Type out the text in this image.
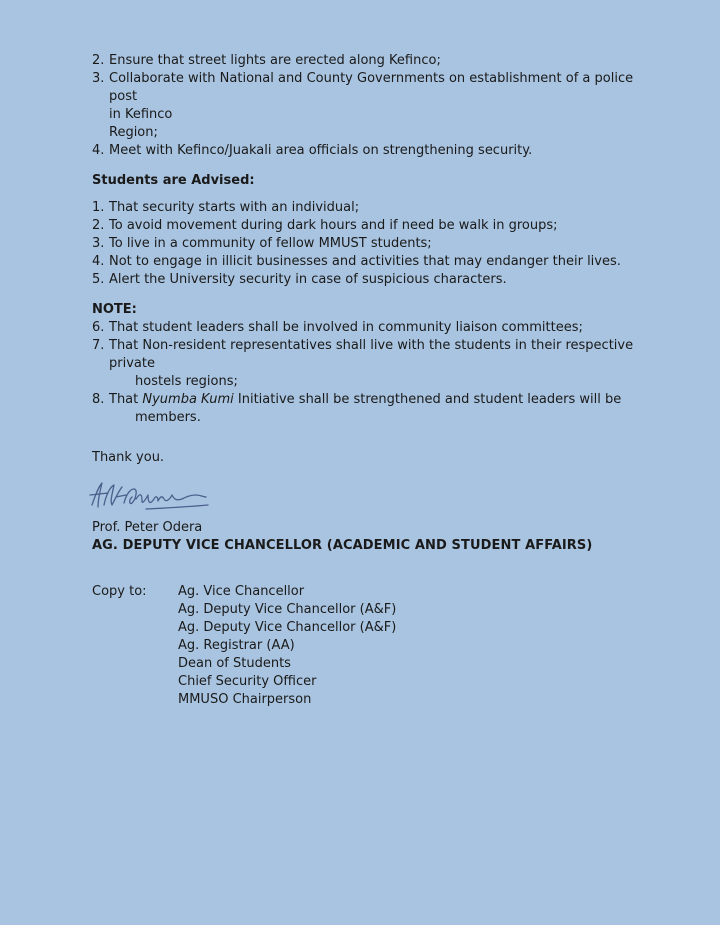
2. Ensure that street lights are erected along Kefinco;
3. Collaborate with National and County Governments on establishment of a police post
in Kefinco
Region;
4. Meet with Kefinco/Juakali area officials on strengthening security.
Students are Advised:
1. That security starts with an individual;
2. To avoid movement during dark hours and if need be walk in groups;
3. To live in a community of fellow MMUST students;
4. Not to engage in illicit businesses and activities that may endanger their lives.
5. Alert the University security in case of suspicious characters.
NOTE:
6. That student leaders shall be involved in community liaison committees;
7. That Non-resident representatives shall live with the students in their respective private
hostels regions;
8. That Nyumba Kumi Initiative shall be strengthened and student leaders will be
members.
Thank you.
Prof. Peter Odera
AG. DEPUTY VICE CHANCELLOR (ACADEMIC AND STUDENT AFFAIRS)
Copy to: Ag. Vice Chancellor
Ag. Deputy Vice Chancellor (A&F)
Ag. Deputy Vice Chancellor (A&F)
Ag. Registrar (AA)
Dean of Students
Chief Security Officer
MMUSO Chairperson
